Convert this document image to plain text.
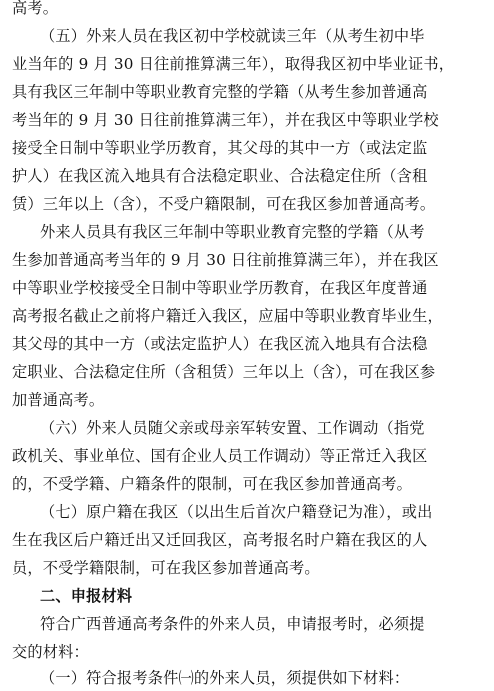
高考。
（五）外来人员在我区初中学校就读三年（从考生初中毕
业当年的 9 月 30 日往前推算满三年），取得我区初中毕业证书，
具有我区三年制中等职业教育完整的学籍（从考生参加普通高
考当年的 9 月 30 日往前推算满三年），并在我区中等职业学校
接受全日制中等职业学历教育，其父母的其中一方（或法定监
护人）在我区流入地具有合法稳定职业、合法稳定住所（含租
赁）三年以上（含），不受户籍限制，可在我区参加普通高考。
外来人员具有我区三年制中等职业教育完整的学籍（从考
生参加普通高考当年的 9 月 30 日往前推算满三年），并在我区
中等职业学校接受全日制中等职业学历教育，在我区年度普通
高考报名截止之前将户籍迁入我区，应届中等职业教育毕业生，
其父母的其中一方（或法定监护人）在我区流入地具有合法稳
定职业、合法稳定住所（含租赁）三年以上（含），可在我区参
加普通高考。
（六）外来人员随父亲或母亲军转安置、工作调动（指党
政机关、事业单位、国有企业人员工作调动）等正常迁入我区
的，不受学籍、户籍条件的限制，可在我区参加普通高考。
（七）原户籍在我区（以出生后首次户籍登记为准），或出
生在我区后户籍迁出又迁回我区，高考报名时户籍在我区的人
员，不受学籍限制，可在我区参加普通高考。
二、申报材料
符合广西普通高考条件的外来人员，申请报考时，必须提
交的材料：
（一）符合报考条件㈠的外来人员，须提供如下材料：
